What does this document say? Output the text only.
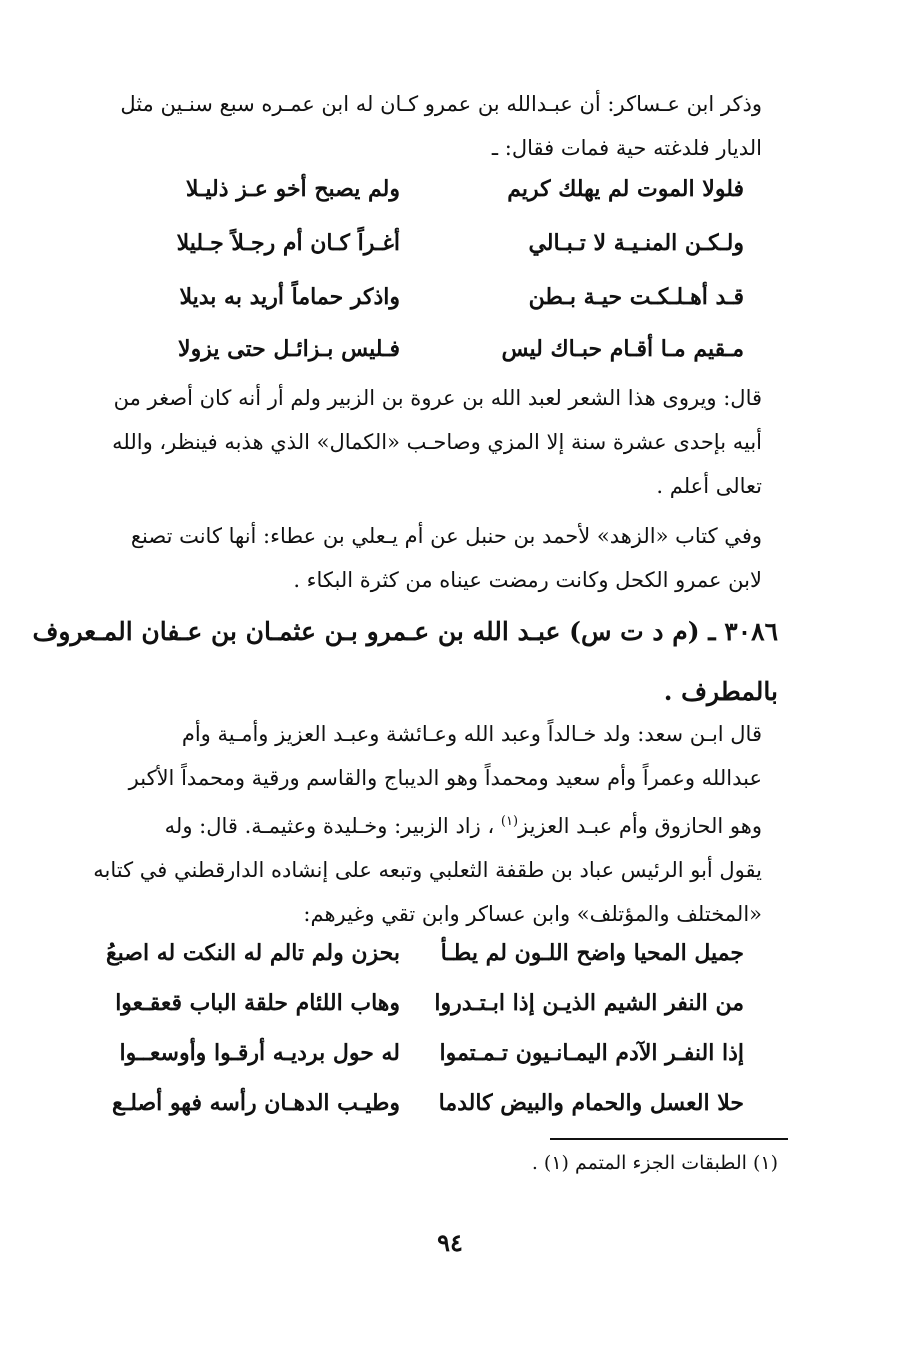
وذكر ابن عـساكر: أن عبـدالله بن عمرو كـان له ابن عمـره سبع سنـين مثل
الديار فلدغته حية فمات فقال: ـ

فلولا الموت لم يهلك كريم
ولم يصبح أخو عـز ذليـلا
ولـكـن المنـيـة لا تـبـالي
أغـراً كـان أم رجـلاً جـليلا
قـد أهـلـكـت حيـة بـطن
واذكر حماماً أريد به بديلا
مـقيم مـا أقـام حبـاك ليس
فـليس بـزائـل حتى يزولا

قال: ويروى هذا الشعر لعبد الله بن عروة بن الزبير ولم أر أنه كان أصغر من
أبيه بإحدى عشرة سنة إلا المزي وصاحـب «الكمال» الذي هذبه فينظر، والله
تعالى أعلم .

وفي كتاب «الزهد» لأحمد بن حنبل عن أم يـعلي بن عطاء: أنها كانت تصنع
لابن عمرو الكحل وكانت رمضت عيناه من كثرة البكاء .

٣٠٨٦ ـ (م د ت س) عبـد الله بن عـمرو بـن عثمـان بن عـفان المـعروف
بالمطرف .

قال ابـن سعد: ولد خـالداً وعبد الله وعـائشة وعبـد العزيز وأمـية وأم
عبدالله وعمراً وأم سعيد ومحمداً وهو الديباج والقاسم ورقية ومحمداً الأكبر
وهو الحازوق وأم عبـد العزيز$^{(١)}$ ، زاد الزبير: وخـليدة وعثيمـة. قال: وله
يقول أبو الرئيس عباد بن طقفة الثعلبي وتبعه على إنشاده الدارقطني في كتابه
«المختلف والمؤتلف» وابن عساكر وابن تقي وغيرهم:

جميل المحيا واضح اللـون لم يطـأ
بحزن ولم تالم له النكت له اصبعُ
من النفر الشيم الذيـن إذا ابـتـدروا
وهاب اللئام حلقة الباب قعقـعوا
إذا النفـر الآدم اليمـانـيون تـمـتموا
له حول برديـه أرقـوا وأوسعــوا
حلا العسل والحمام والبيض كالدما
وطيـب الدهـان رأسه فهو أصلـع
(١) الطبقات الجزء المتمم (١) .
٩٤
